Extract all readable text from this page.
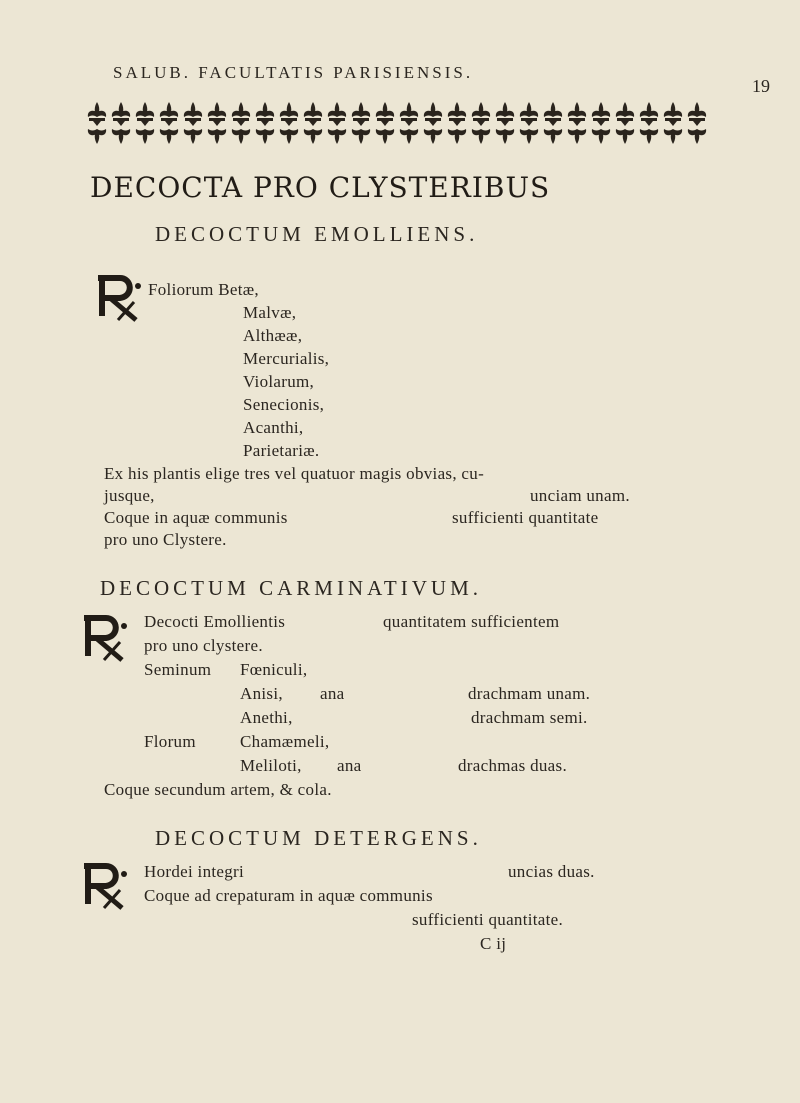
SALUB. FACULTATIS PARISIENSIS.
19
DECOCTA PRO CLYSTERIBUS
DECOCTUM EMOLLIENS.
Foliorum Betæ,
Malvæ,
Althææ,
Mercurialis,
Violarum,
Senecionis,
Acanthi,
Parietariæ.
Ex his plantis elige tres vel quatuor magis obvias, cu-
jusque,	unciam unam.
Coque in aquæ communis	sufficienti quantitate
pro uno Clystere.
DECOCTUM CARMINATIVUM.
Decocti Emollientis	quantitatem sufficientem
pro uno clystere.
Seminum Fœniculi,
Anisi, ana	drachmam unam.
Anethi,	drachmam semi.
Florum	Chamæmeli,
Meliloti, ana	drachmas duas.
Coque secundum artem, & cola.
DECOCTUM DETERGENS.
Hordei integri	uncias duas.
Coque ad crepaturam in aquæ communis
sufficienti quantitate.
C ij
